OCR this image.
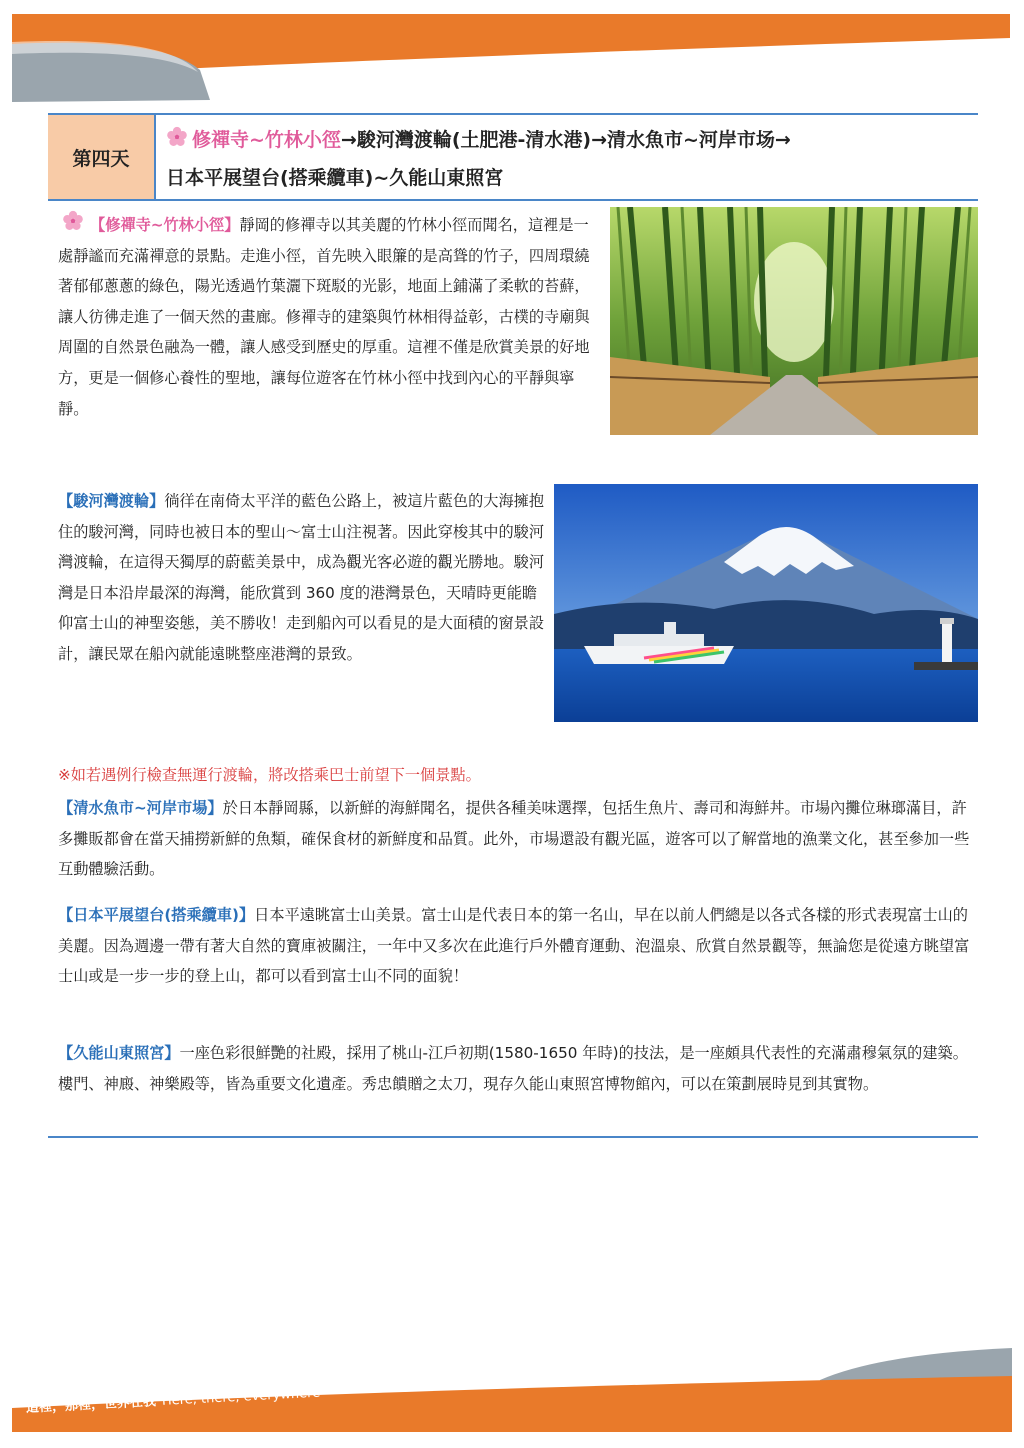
這裡，那裡，世界在我 Here, there, everywhere
第四天
修禪寺~竹林小徑→駿河灣渡輪(土肥港-清水港)→清水魚市~河岸市场→
日本平展望台(搭乘纜車)~久能山東照宮
【修禪寺~竹林小徑】靜岡的修禪寺以其美麗的竹林小徑而聞名，這裡是一處靜謐而充滿禪意的景點。走進小徑，首先映入眼簾的是高聳的竹子，四周環繞著郁郁蔥蔥的綠色，陽光透過竹葉灑下斑駁的光影，地面上鋪滿了柔軟的苔蘚，讓人彷彿走進了一個天然的畫廊。修禪寺的建築與竹林相得益彰，古樸的寺廟與周圍的自然景色融為一體，讓人感受到歷史的厚重。這裡不僅是欣賞美景的好地方，更是一個修心養性的聖地，讓每位遊客在竹林小徑中找到內心的平靜與寧靜。
【駿河灣渡輪】徜徉在南倚太平洋的藍色公路上，被這片藍色的大海擁抱住的駿河灣，同時也被日本的聖山～富士山注視著。因此穿梭其中的駿河灣渡輪，在這得天獨厚的蔚藍美景中，成為觀光客必遊的觀光勝地。駿河灣是日本沿岸最深的海灣，能欣賞到 360 度的港灣景色，天晴時更能瞻仰富士山的神聖姿態，美不勝收！走到船內可以看見的是大面積的窗景設計，讓民眾在船內就能遠眺整座港灣的景致。
※如若遇例行檢查無運行渡輪，將改搭乘巴士前望下一個景點。
【清水魚市~河岸市場】於日本靜岡縣，以新鮮的海鮮聞名，提供各種美味選擇，包括生魚片、壽司和海鮮丼。市場內攤位琳瑯滿目，許多攤販都會在當天捕撈新鮮的魚類，確保食材的新鮮度和品質。此外，市場還設有觀光區，遊客可以了解當地的漁業文化，甚至參加一些互動體驗活動。
【日本平展望台(搭乘纜車)】日本平遠眺富士山美景。富士山是代表日本的第一名山，早在以前人們總是以各式各樣的形式表現富士山的美麗。因為週邊一帶有著大自然的寶庫被關注，一年中又多次在此進行戶外體育運動、泡溫泉、欣賞自然景觀等，無論您是從遠方眺望富士山或是一步一步的登上山，都可以看到富士山不同的面貌！
【久能山東照宮】一座色彩很鮮艷的社殿，採用了桃山-江戶初期(1580-1650 年時)的技法，是一座頗具代表性的充滿肅穆氣氛的建築。樓門、神廄、神樂殿等，皆為重要文化遺產。秀忠饋贈之太刀，現存久能山東照宮博物館內，可以在策劃展時見到其實物。
這裡，那裡，世界在我 Here, there, everywhere
